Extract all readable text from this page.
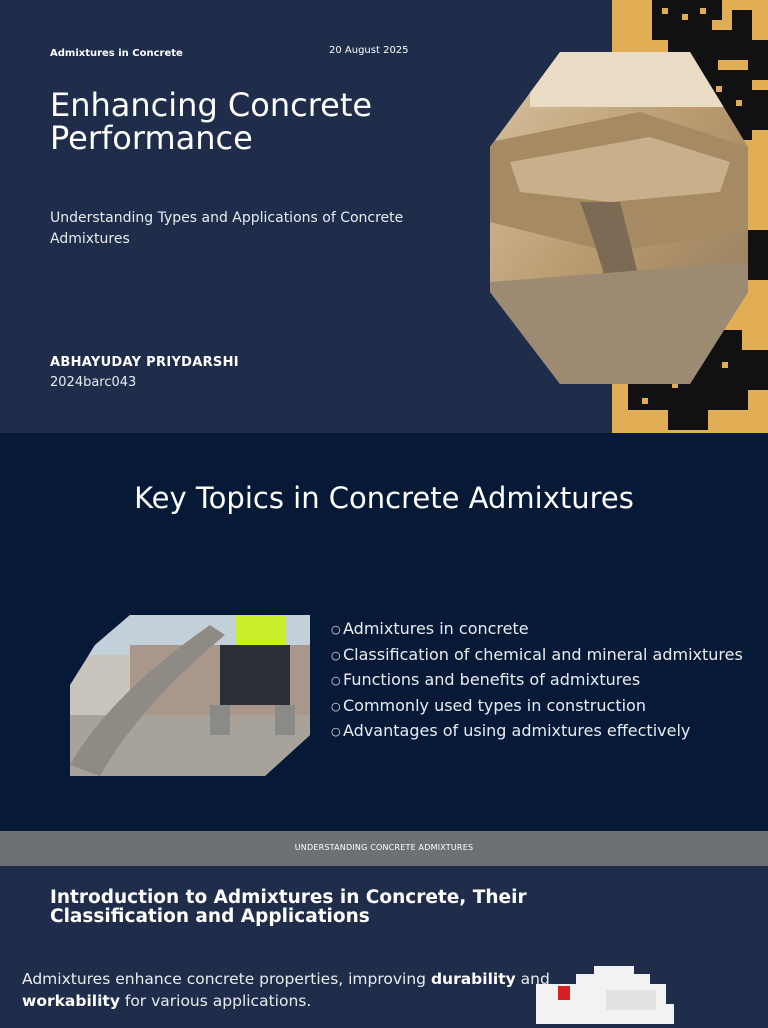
Admixtures in Concrete	20 August 2025
Enhancing Concrete Performance
Understanding Types and Applications of Concrete Admixtures
ABHAYUDAY PRIYDARSHI
2024barc043
Key Topics in Concrete Admixtures
○ Admixtures in concrete
○ Classification of chemical and mineral admixtures
○ Functions and benefits of admixtures
○ Commonly used types in construction
○ Advantages of using admixtures effectively
UNDERSTANDING CONCRETE ADMIXTURES
Introduction to Admixtures in Concrete, Their Classification and Applications
Admixtures enhance concrete properties, improving durability and workability for various applications.
